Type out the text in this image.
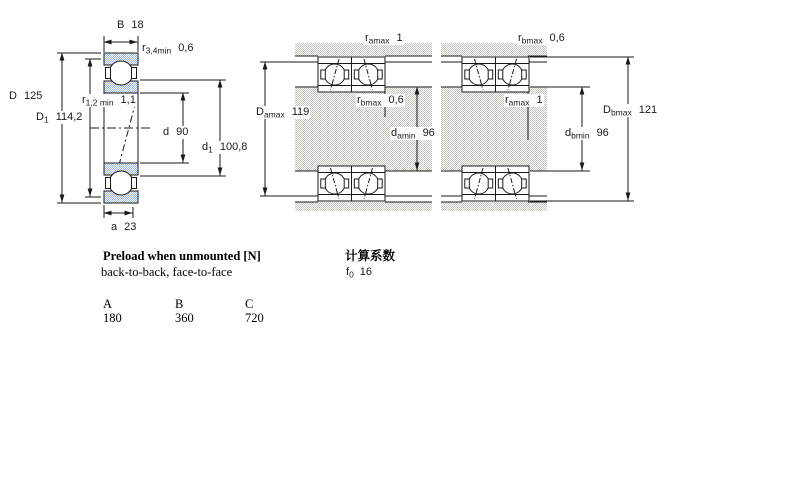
B 18
$r_{3,4min}$ 0,6
D 125
$D_1$ 114,2
$r_{1,2 min}$ 1,1
d 90
$d_1$ 100,8
a 23
$r_{amax}$ 1
$r_{bmax}$ 0,6
$D_{amax}$ 119
$d_{amin}$ 96
$r_{bmax}$ 0,6
$r_{amax}$ 1
$D_{bmax}$ 121
$d_{bmin}$ 96
Preload when unmounted [N]
back-to-back, face-to-face
计算系数
$f_0$ 16
A	B	C
180	360	720
